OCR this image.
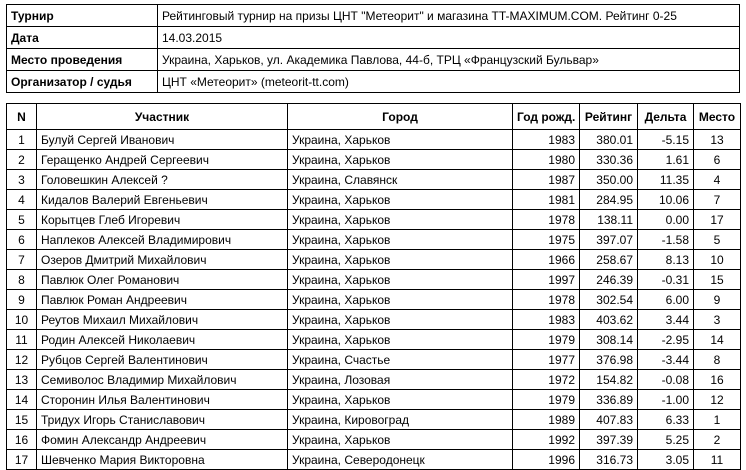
Турнир	Рейтинговый турнир на призы ЦНТ "Метеорит" и магазина TT-MAXIMUM.COM. Рейтинг 0-25
Дата	14.03.2015
Место проведения	Украина, Харьков, ул. Академика Павлова, 44-б, ТРЦ «Французский Бульвар»
Организатор / судья	ЦНТ «Метеорит» (meteorit-tt.com)
N	Участник	Город	Год рожд.	Рейтинг	Дельта	Место
1	Булуй Сергей Иванович	Украина, Харьков	1983	380.01	-5.15	13
2	Геращенко Андрей Сергеевич	Украина, Харьков	1980	330.36	1.61	6
3	Головешкин Алексей ?	Украина, Славянск	1987	350.00	11.35	4
4	Кидалов Валерий Евгеньевич	Украина, Харьков	1981	284.95	10.06	7
5	Корытцев Глеб Игоревич	Украина, Харьков	1978	138.11	0.00	17
6	Наплеков Алексей Владимирович	Украина, Харьков	1975	397.07	-1.58	5
7	Озеров Дмитрий Михайлович	Украина, Харьков	1966	258.67	8.13	10
8	Павлюк Олег Романович	Украина, Харьков	1997	246.39	-0.31	15
9	Павлюк Роман Андреевич	Украина, Харьков	1978	302.54	6.00	9
10	Реутов Михаил Михайлович	Украина, Харьков	1983	403.62	3.44	3
11	Родин Алексей Николаевич	Украина, Харьков	1979	308.14	-2.95	14
12	Рубцов Сергей Валентинович	Украина, Счастье	1977	376.98	-3.44	8
13	Семиволос Владимир Михайлович	Украина, Лозовая	1972	154.82	-0.08	16
14	Сторонин Илья Валентинович	Украина, Харьков	1979	336.89	-1.00	12
15	Тридух Игорь Станиславович	Украина, Кировоград	1989	407.83	6.33	1
16	Фомин Александр Андреевич	Украина, Харьков	1992	397.39	5.25	2
17	Шевченко Мария Викторовна	Украина, Северодонецк	1996	316.73	3.05	11
